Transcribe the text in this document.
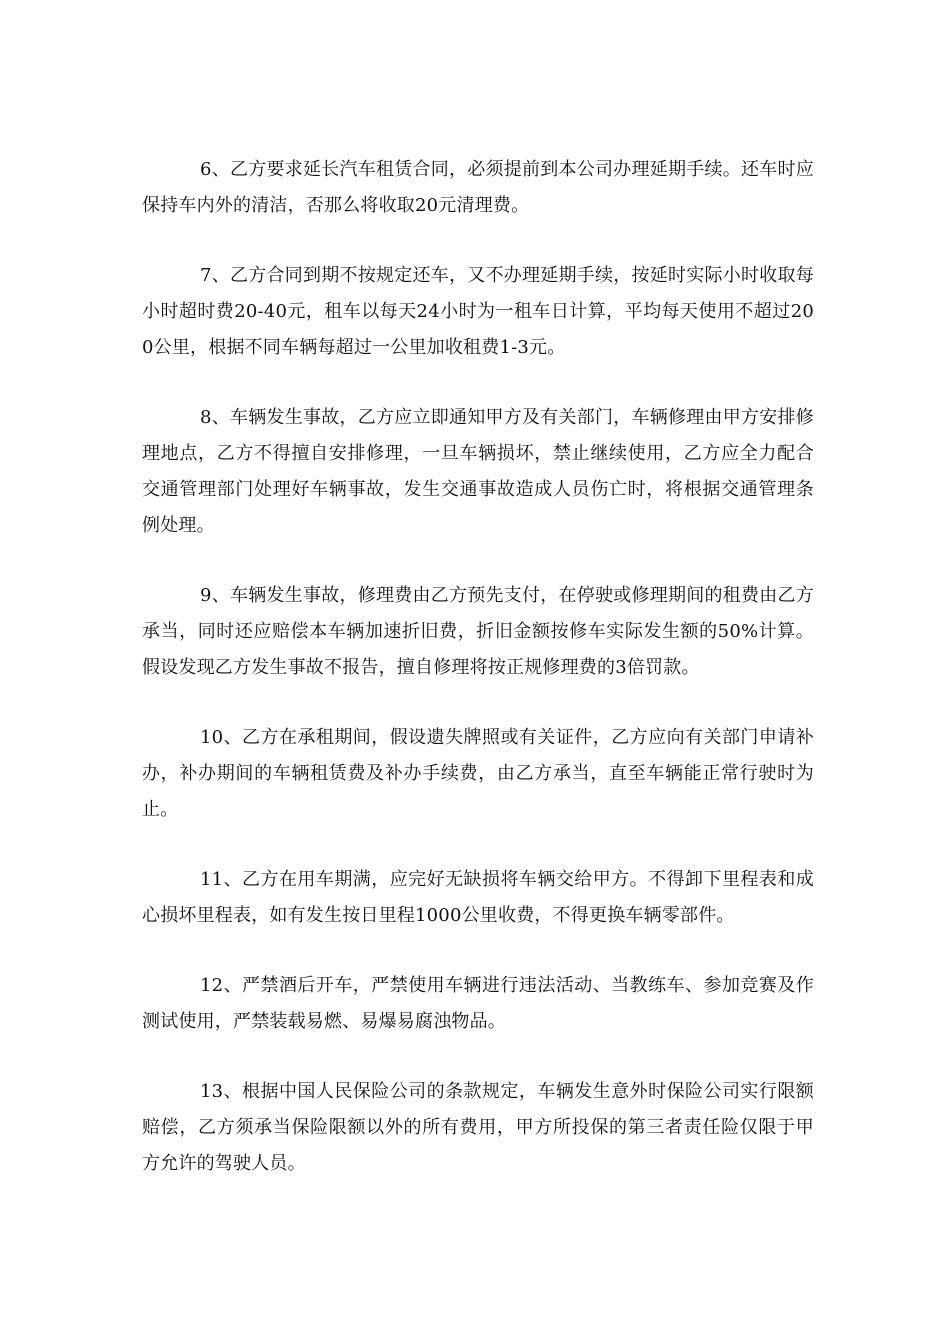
6、乙方要求延长汽车租赁合同，必须提前到本公司办理延期手续。还车时应保持车内外的清洁，否那么将收取20元清理费。

7、乙方合同到期不按规定还车，又不办理延期手续，按延时实际小时收取每小时超时费20-40元，租车以每天24小时为一租车日计算，平均每天使用不超过200公里，根据不同车辆每超过一公里加收租费1-3元。

8、车辆发生事故，乙方应立即通知甲方及有关部门，车辆修理由甲方安排修理地点，乙方不得擅自安排修理，一旦车辆损坏，禁止继续使用，乙方应全力配合交通管理部门处理好车辆事故，发生交通事故造成人员伤亡时，将根据交通管理条例处理。

9、车辆发生事故，修理费由乙方预先支付，在停驶或修理期间的租费由乙方承当，同时还应赔偿本车辆加速折旧费，折旧金额按修车实际发生额的50%计算。假设发现乙方发生事故不报告，擅自修理将按正规修理费的3倍罚款。

10、乙方在承租期间，假设遗失牌照或有关证件，乙方应向有关部门申请补办，补办期间的车辆租赁费及补办手续费，由乙方承当，直至车辆能正常行驶时为止。

11、乙方在用车期满，应完好无缺损将车辆交给甲方。不得卸下里程表和成心损坏里程表，如有发生按日里程1000公里收费，不得更换车辆零部件。

12、严禁酒后开车，严禁使用车辆进行违法活动、当教练车、参加竞赛及作测试使用，严禁装载易燃、易爆易腐浊物品。

13、根据中国人民保险公司的条款规定，车辆发生意外时保险公司实行限额赔偿，乙方须承当保险限额以外的所有费用，甲方所投保的第三者责任险仅限于甲方允许的驾驶人员。
